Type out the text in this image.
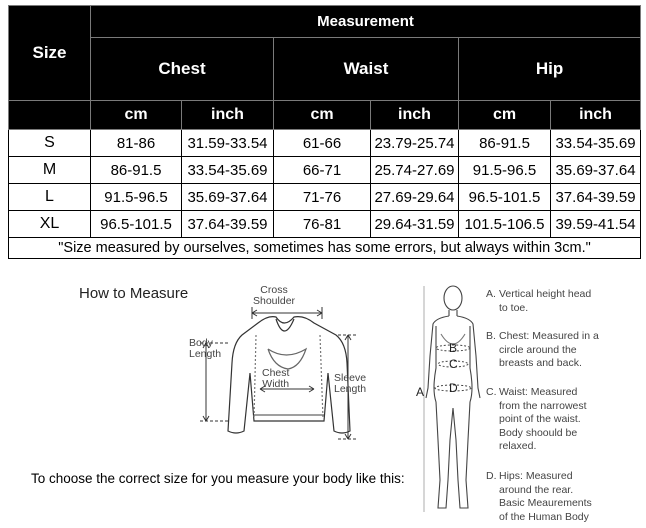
Size	Measurement					
	Chest		Waist		Hip	
	cm	inch	cm	inch	cm	inch
S	81-86	31.59-33.54	61-66	23.79-25.74	86-91.5	33.54-35.69
M	86-91.5	33.54-35.69	66-71	25.74-27.69	91.5-96.5	35.69-37.64
L	91.5-96.5	35.69-37.64	71-76	27.69-29.64	96.5-101.5	37.64-39.59
XL	96.5-101.5	37.64-39.59	76-81	29.64-31.59	101.5-106.5	39.59-41.54
"Size measured by ourselves, sometimes has some errors, but always within 3cm."						
How to Measure	Cross
Shoulder
Body
Length
Chest
Width	Sleeve
Length
To choose the correct size for you measure your body like this:
A
B
C
D
A. Vertical height head
to toe.
B. Chest: Measured in a
circle around the
breasts and back.
C. Waist: Measured
from the narrowest
point of the waist.
Body shoould be
relaxed.
D. Hips: Measured
around the rear.
Basic Meaurements
of the Human Body
